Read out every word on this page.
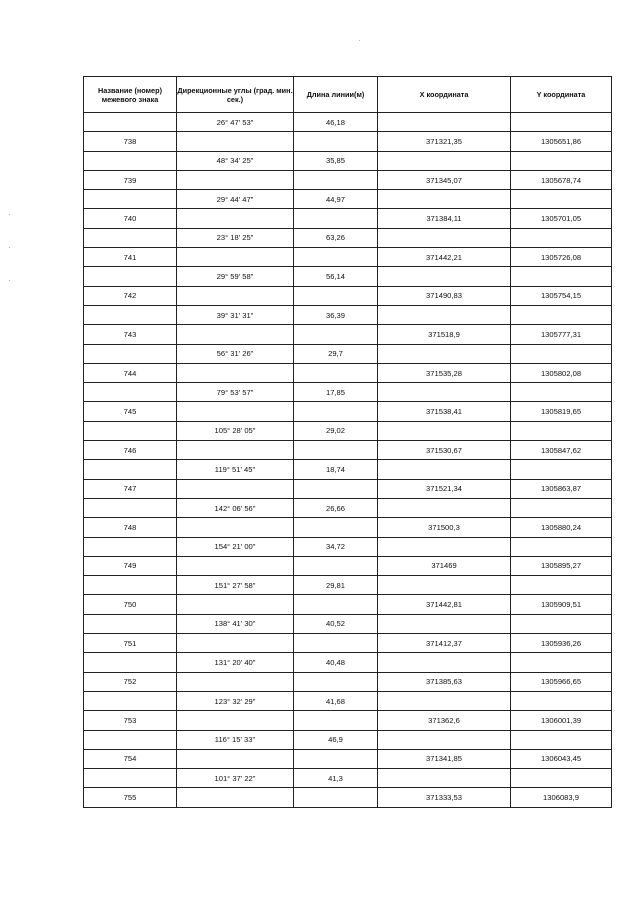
Название (номер) межевого знака	Дирекционные углы (град. мин. сек.)	Длина линии(м)	X координата	Y координата
	26° 47' 53"	46,18		
738			371321,35	1305651,86
	48° 34' 25"	35,85		
739			371345,07	1305678,74
	29° 44' 47"	44,97		
740			371384,11	1305701,05
	23° 18' 25"	63,26		
741			371442,21	1305726,08
	29° 59' 58"	56,14		
742			371490,83	1305754,15
	39° 31' 31"	36,39		
743			371518,9	1305777,31
	56° 31' 26"	29,7		
744			371535,28	1305802,08
	79° 53' 57"	17,85		
745			371538,41	1305819,65
	105° 28' 05"	29,02		
746			371530,67	1305847,62
	119° 51' 45"	18,74		
747			371521,34	1305863,87
	142° 06' 56"	26,66		
748			371500,3	1305880,24
	154° 21' 00"	34,72		
749			371469	1305895,27
	151° 27' 58"	29,81		
750			371442,81	1305909,51
	138° 41' 30"	40,52		
751			371412,37	1305936,26
	131° 20' 40"	40,48		
752			371385,63	1305966,65
	123° 32' 29"	41,68		
753			371362,6	1306001,39
	116° 15' 33"	46,9		
754			371341,85	1306043,45
	101° 37' 22"	41,3		
755			371333,53	1306083,9
